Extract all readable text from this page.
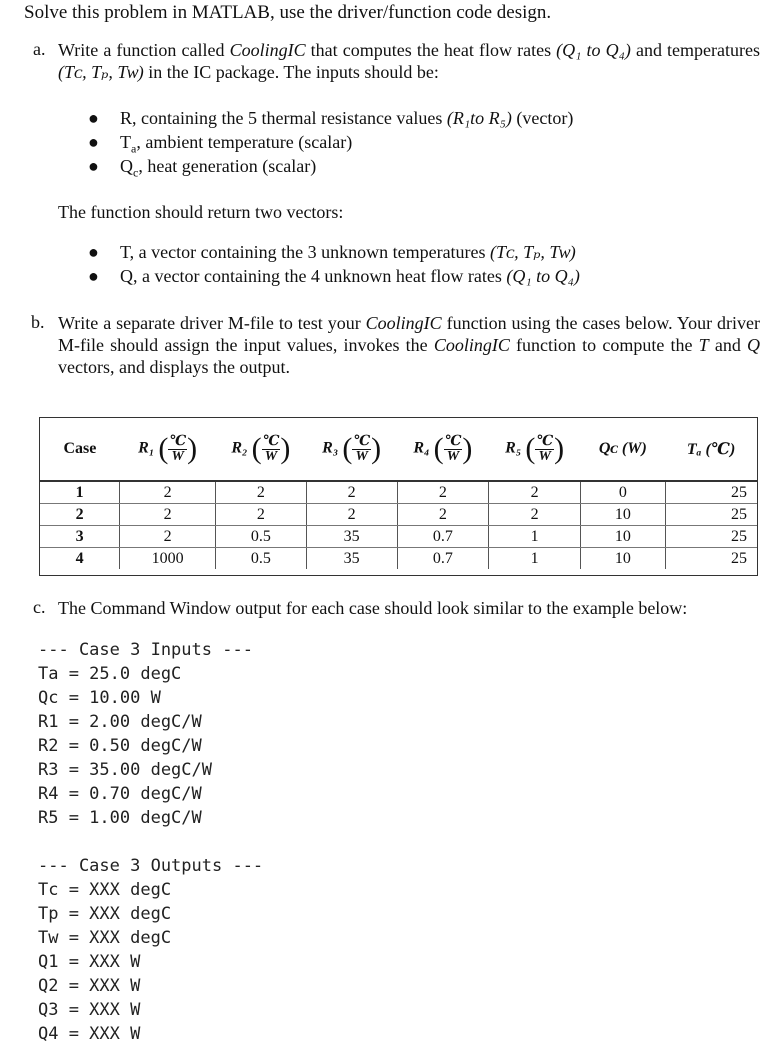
Solve this problem in MATLAB, use the driver/function code design.
a. Write a function called CoolingIC that computes the heat flow rates (Q₁ to Q₄) and temperatures (Tᴄ, Tₚ, Tᴡ) in the IC package. The inputs should be:
● R, containing the 5 thermal resistance values (R₁to R₅) (vector)
● $T_a$, ambient temperature (scalar)
● $Q_c$, heat generation (scalar)
The function should return two vectors:
● T, a vector containing the 3 unknown temperatures (Tᴄ, Tₚ, Tᴡ)
● Q, a vector containing the 4 unknown heat flow rates (Q₁ to Q₄)
b. Write a separate driver M-file to test your CoolingIC function using the cases below. Your driver M-file should assign the input values, invokes the CoolingIC function to compute the T and Q vectors, and displays the output.
Case	R₁ ( $\frac{℃}{W}$ )	R₂ ( $\frac{℃}{W}$ )	R₃ ( $\frac{℃}{W}$ )	R₄ ( $\frac{℃}{W}$ )	R₅ ( $\frac{℃}{W}$ )	Qᴄ (W)	Tₐ (℃)
1	2	2	2	2	2	0	25
2	2	2	2	2	2	10	25
3	2	0.5	35	0.7	1	10	25
4	1000	0.5	35	0.7	1	10	25
c. The Command Window output for each case should look similar to the example below:
--- Case 3 Inputs ---
Ta = 25.0 degC
Qc = 10.00 W
R1 = 2.00 degC/W
R2 = 0.50 degC/W
R3 = 35.00 degC/W
R4 = 0.70 degC/W
R5 = 1.00 degC/W
--- Case 3 Outputs ---
Tc = XXX degC
Tp = XXX degC
Tw = XXX degC
Q1 = XXX W
Q2 = XXX W
Q3 = XXX W
Q4 = XXX W
